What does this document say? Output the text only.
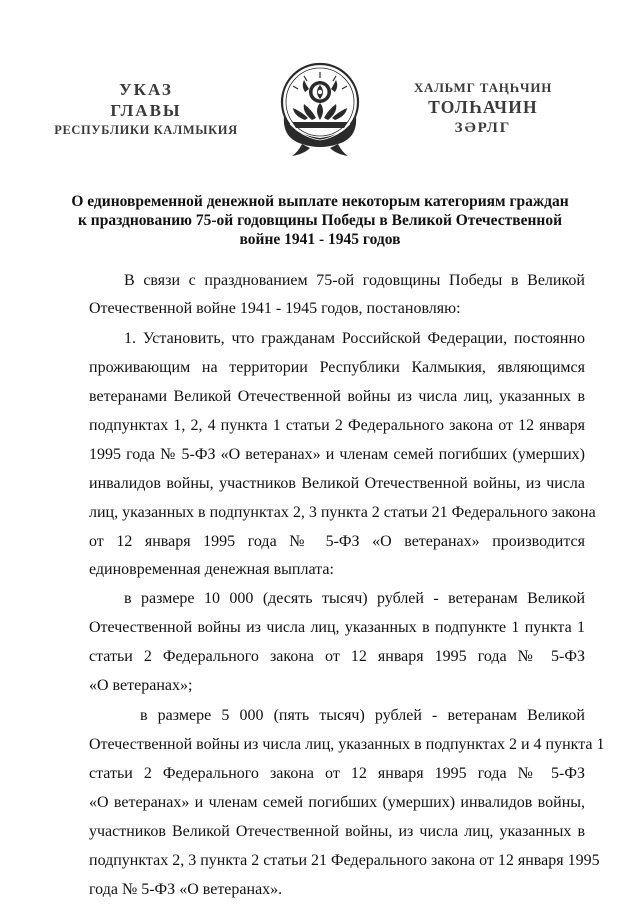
УКАЗ
ГЛАВЫ
РЕСПУБЛИКИ КАЛМЫКИЯ
ХАЛЬМГ ТАҢҺЧИН
ТОЛҺАЧИН
ЗӘРЛГ
О единовременной денежной выплате некоторым категориям граждан
к празднованию 75-ой годовщины Победы в Великой Отечественной
войне 1941 - 1945 годов
В связи с празднованием 75-ой годовщины Победы в Великой
Отечественной войне 1941 - 1945 годов, постановляю:
1. Установить, что гражданам Российской Федерации, постоянно
проживающим на территории Республики Калмыкия, являющимся
ветеранами Великой Отечественной войны из числа лиц, указанных в
подпунктах 1, 2, 4 пункта 1 статьи 2 Федерального закона от 12 января
1995 года № 5-ФЗ «О ветеранах» и членам семей погибших (умерших)
инвалидов войны, участников Великой Отечественной войны, из числа
лиц, указанных в подпунктах 2, 3 пункта 2 статьи 21 Федерального закона
от 12 января 1995 года № 5-ФЗ «О ветеранах» производится
единовременная денежная выплата:
в размере 10 000 (десять тысяч) рублей - ветеранам Великой
Отечественной войны из числа лиц, указанных в подпункте 1 пункта 1
статьи 2 Федерального закона от 12 января 1995 года № 5-ФЗ
«О ветеранах»;
в размере 5 000 (пять тысяч) рублей - ветеранам Великой
Отечественной войны из числа лиц, указанных в подпунктах 2 и 4 пункта 1
статьи 2 Федерального закона от 12 января 1995 года № 5-ФЗ
«О ветеранах» и членам семей погибших (умерших) инвалидов войны,
участников Великой Отечественной войны, из числа лиц, указанных в
подпунктах 2, 3 пункта 2 статьи 21 Федерального закона от 12 января 1995
года № 5-ФЗ «О ветеранах».
